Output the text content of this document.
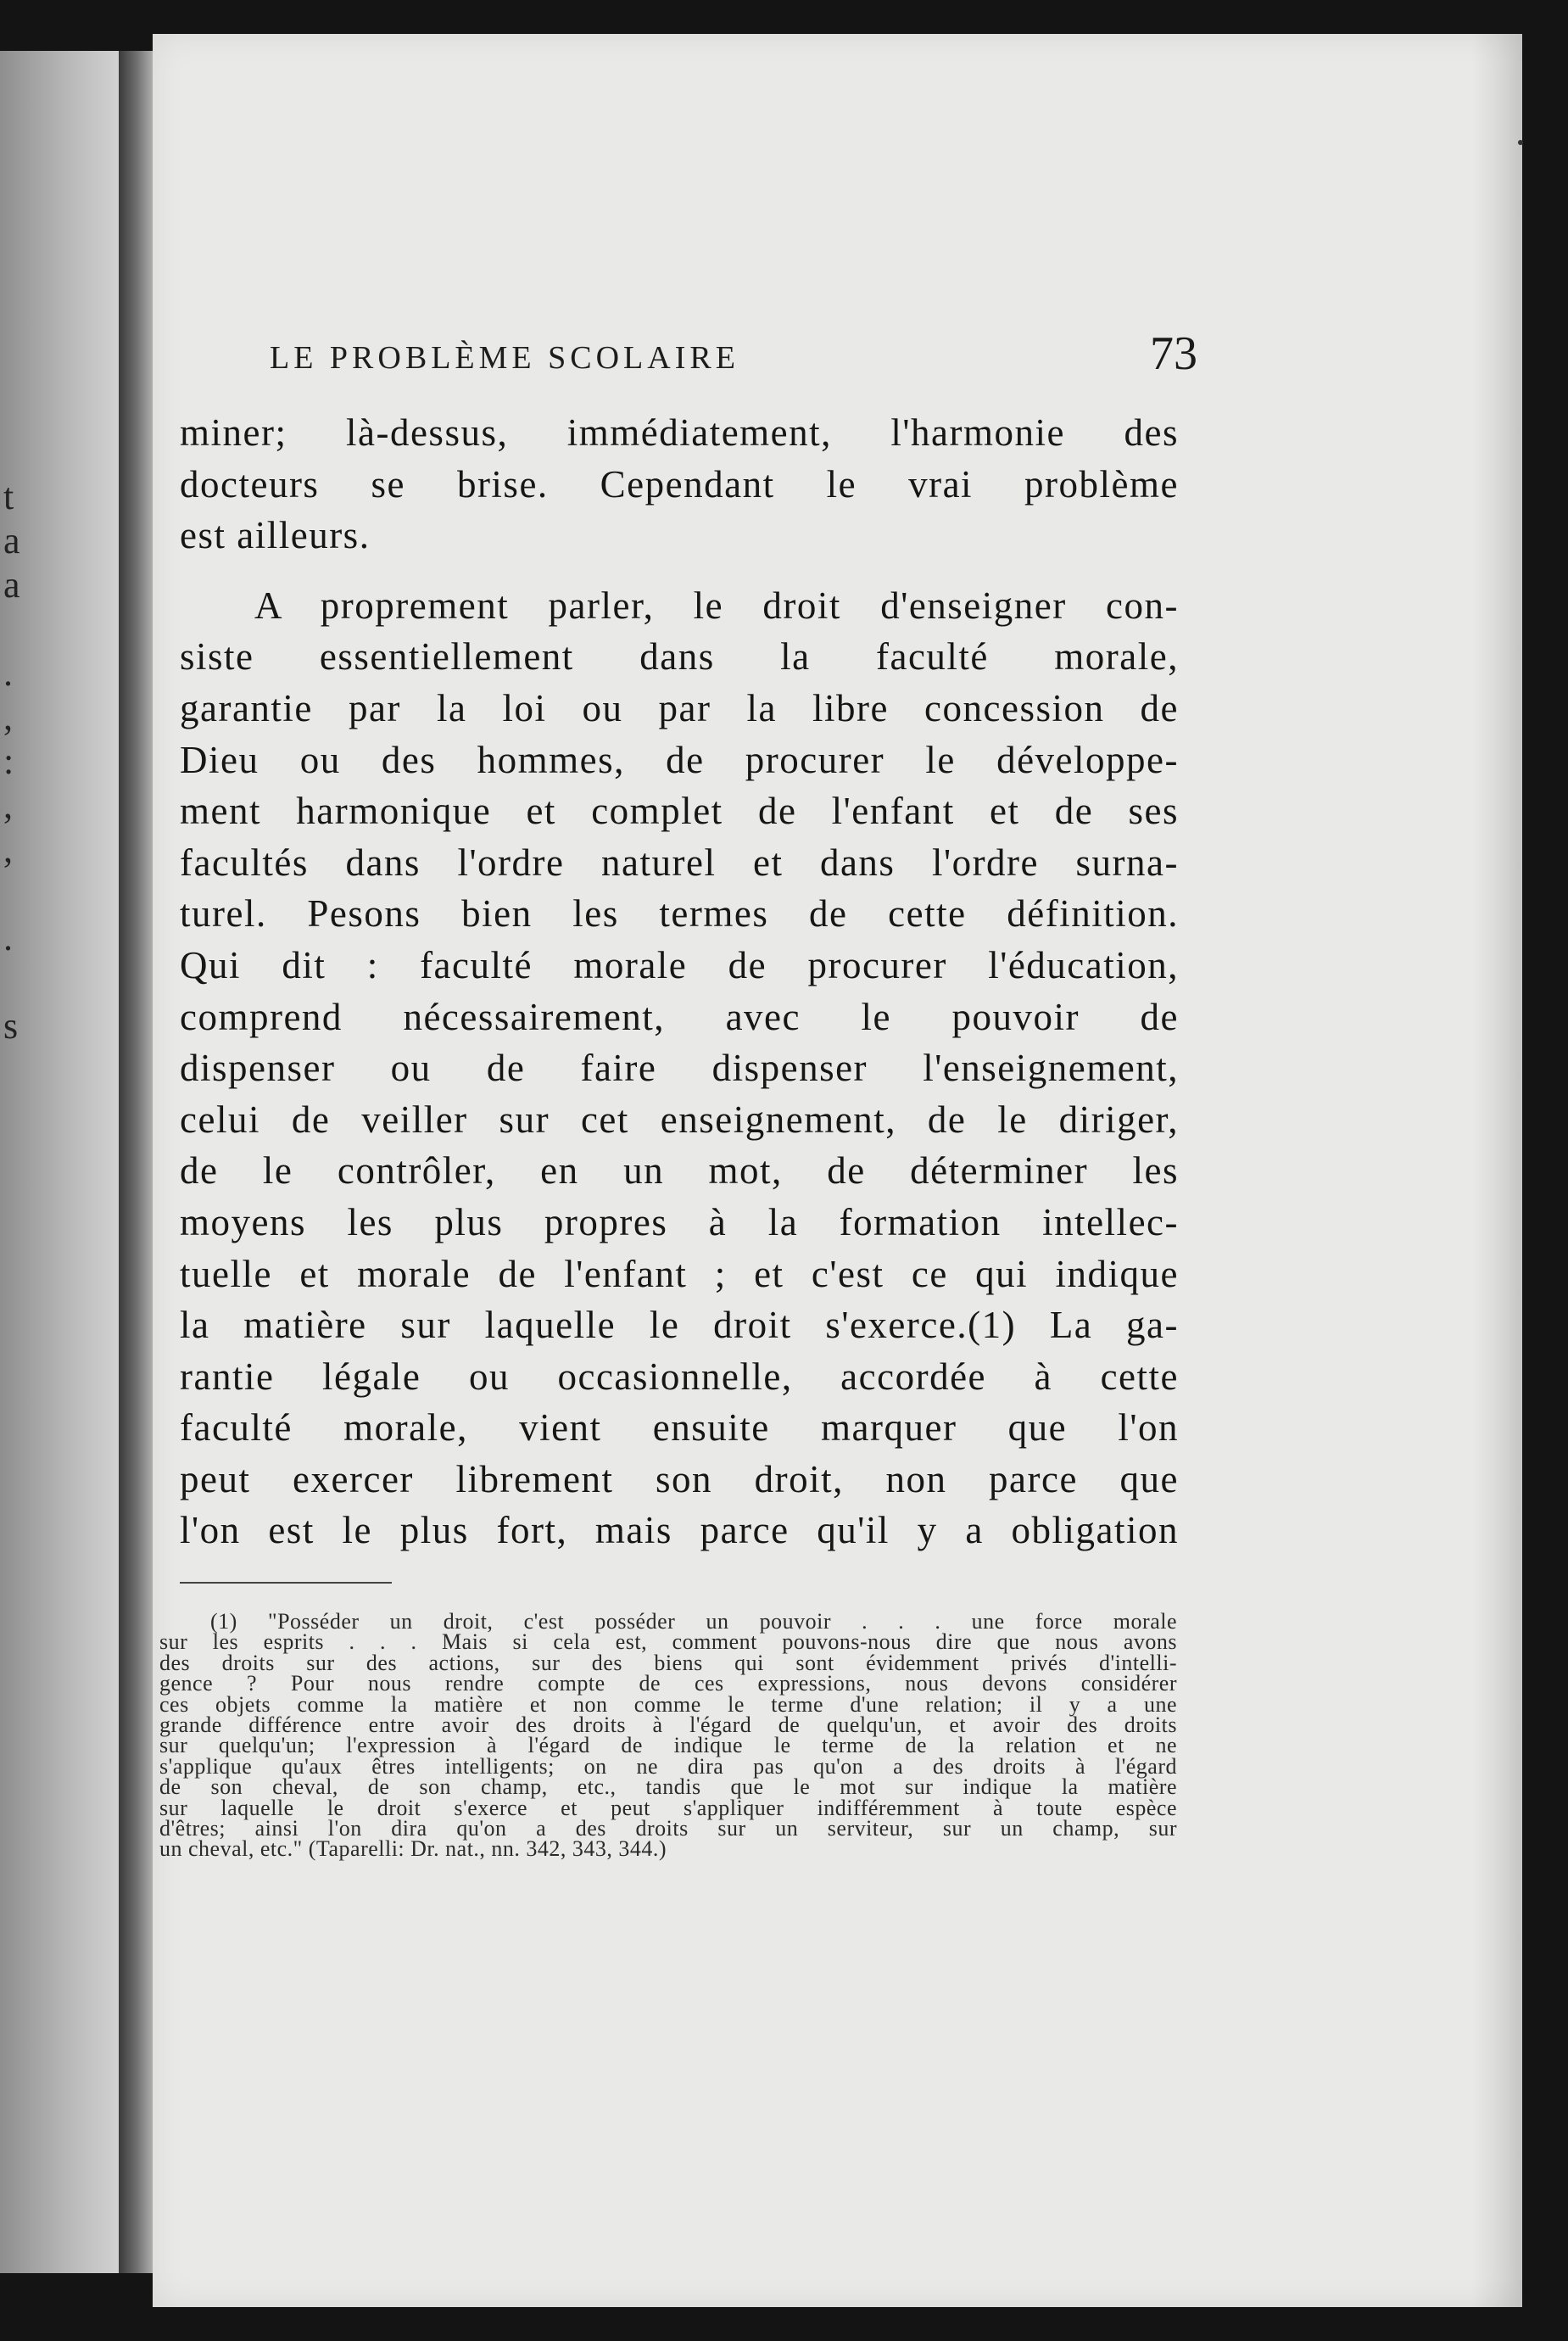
t
a
a

.
,
:
,
,

.

s
LE PROBLÈME SCOLAIRE	73
miner; là-dessus, immédiatement, l'harmonie des
docteurs se brise. Cependant le vrai problème
est ailleurs.
A proprement parler, le droit d'enseigner con-
siste essentiellement dans la faculté morale,
garantie par la loi ou par la libre concession de
Dieu ou des hommes, de procurer le développe-
ment harmonique et complet de l'enfant et de ses
facultés dans l'ordre naturel et dans l'ordre surna-
turel. Pesons bien les termes de cette définition.
Qui dit : faculté morale de procurer l'éducation,
comprend nécessairement, avec le pouvoir de
dispenser ou de faire dispenser l'enseignement,
celui de veiller sur cet enseignement, de le diriger,
de le contrôler, en un mot, de déterminer les
moyens les plus propres à la formation intellec-
tuelle et morale de l'enfant ; et c'est ce qui indique
la matière sur laquelle le droit s'exerce.(1) La ga-
rantie légale ou occasionnelle, accordée à cette
faculté morale, vient ensuite marquer que l'on
peut exercer librement son droit, non parce que
l'on est le plus fort, mais parce qu'il y a obligation
(1) "Posséder un droit, c'est posséder un pouvoir . . . une force morale
sur les esprits . . . Mais si cela est, comment pouvons-nous dire que nous avons
des droits sur des actions, sur des biens qui sont évidemment privés d'intelli-
gence ? Pour nous rendre compte de ces expressions, nous devons considérer
ces objets comme la matière et non comme le terme d'une relation; il y a une
grande différence entre avoir des droits à l'égard de quelqu'un, et avoir des droits
sur quelqu'un; l'expression à l'égard de indique le terme de la relation et ne
s'applique qu'aux êtres intelligents; on ne dira pas qu'on a des droits à l'égard
de son cheval, de son champ, etc., tandis que le mot sur indique la matière
sur laquelle le droit s'exerce et peut s'appliquer indifféremment à toute espèce
d'êtres; ainsi l'on dira qu'on a des droits sur un serviteur, sur un champ, sur
un cheval, etc." (Taparelli: Dr. nat., nn. 342, 343, 344.)
